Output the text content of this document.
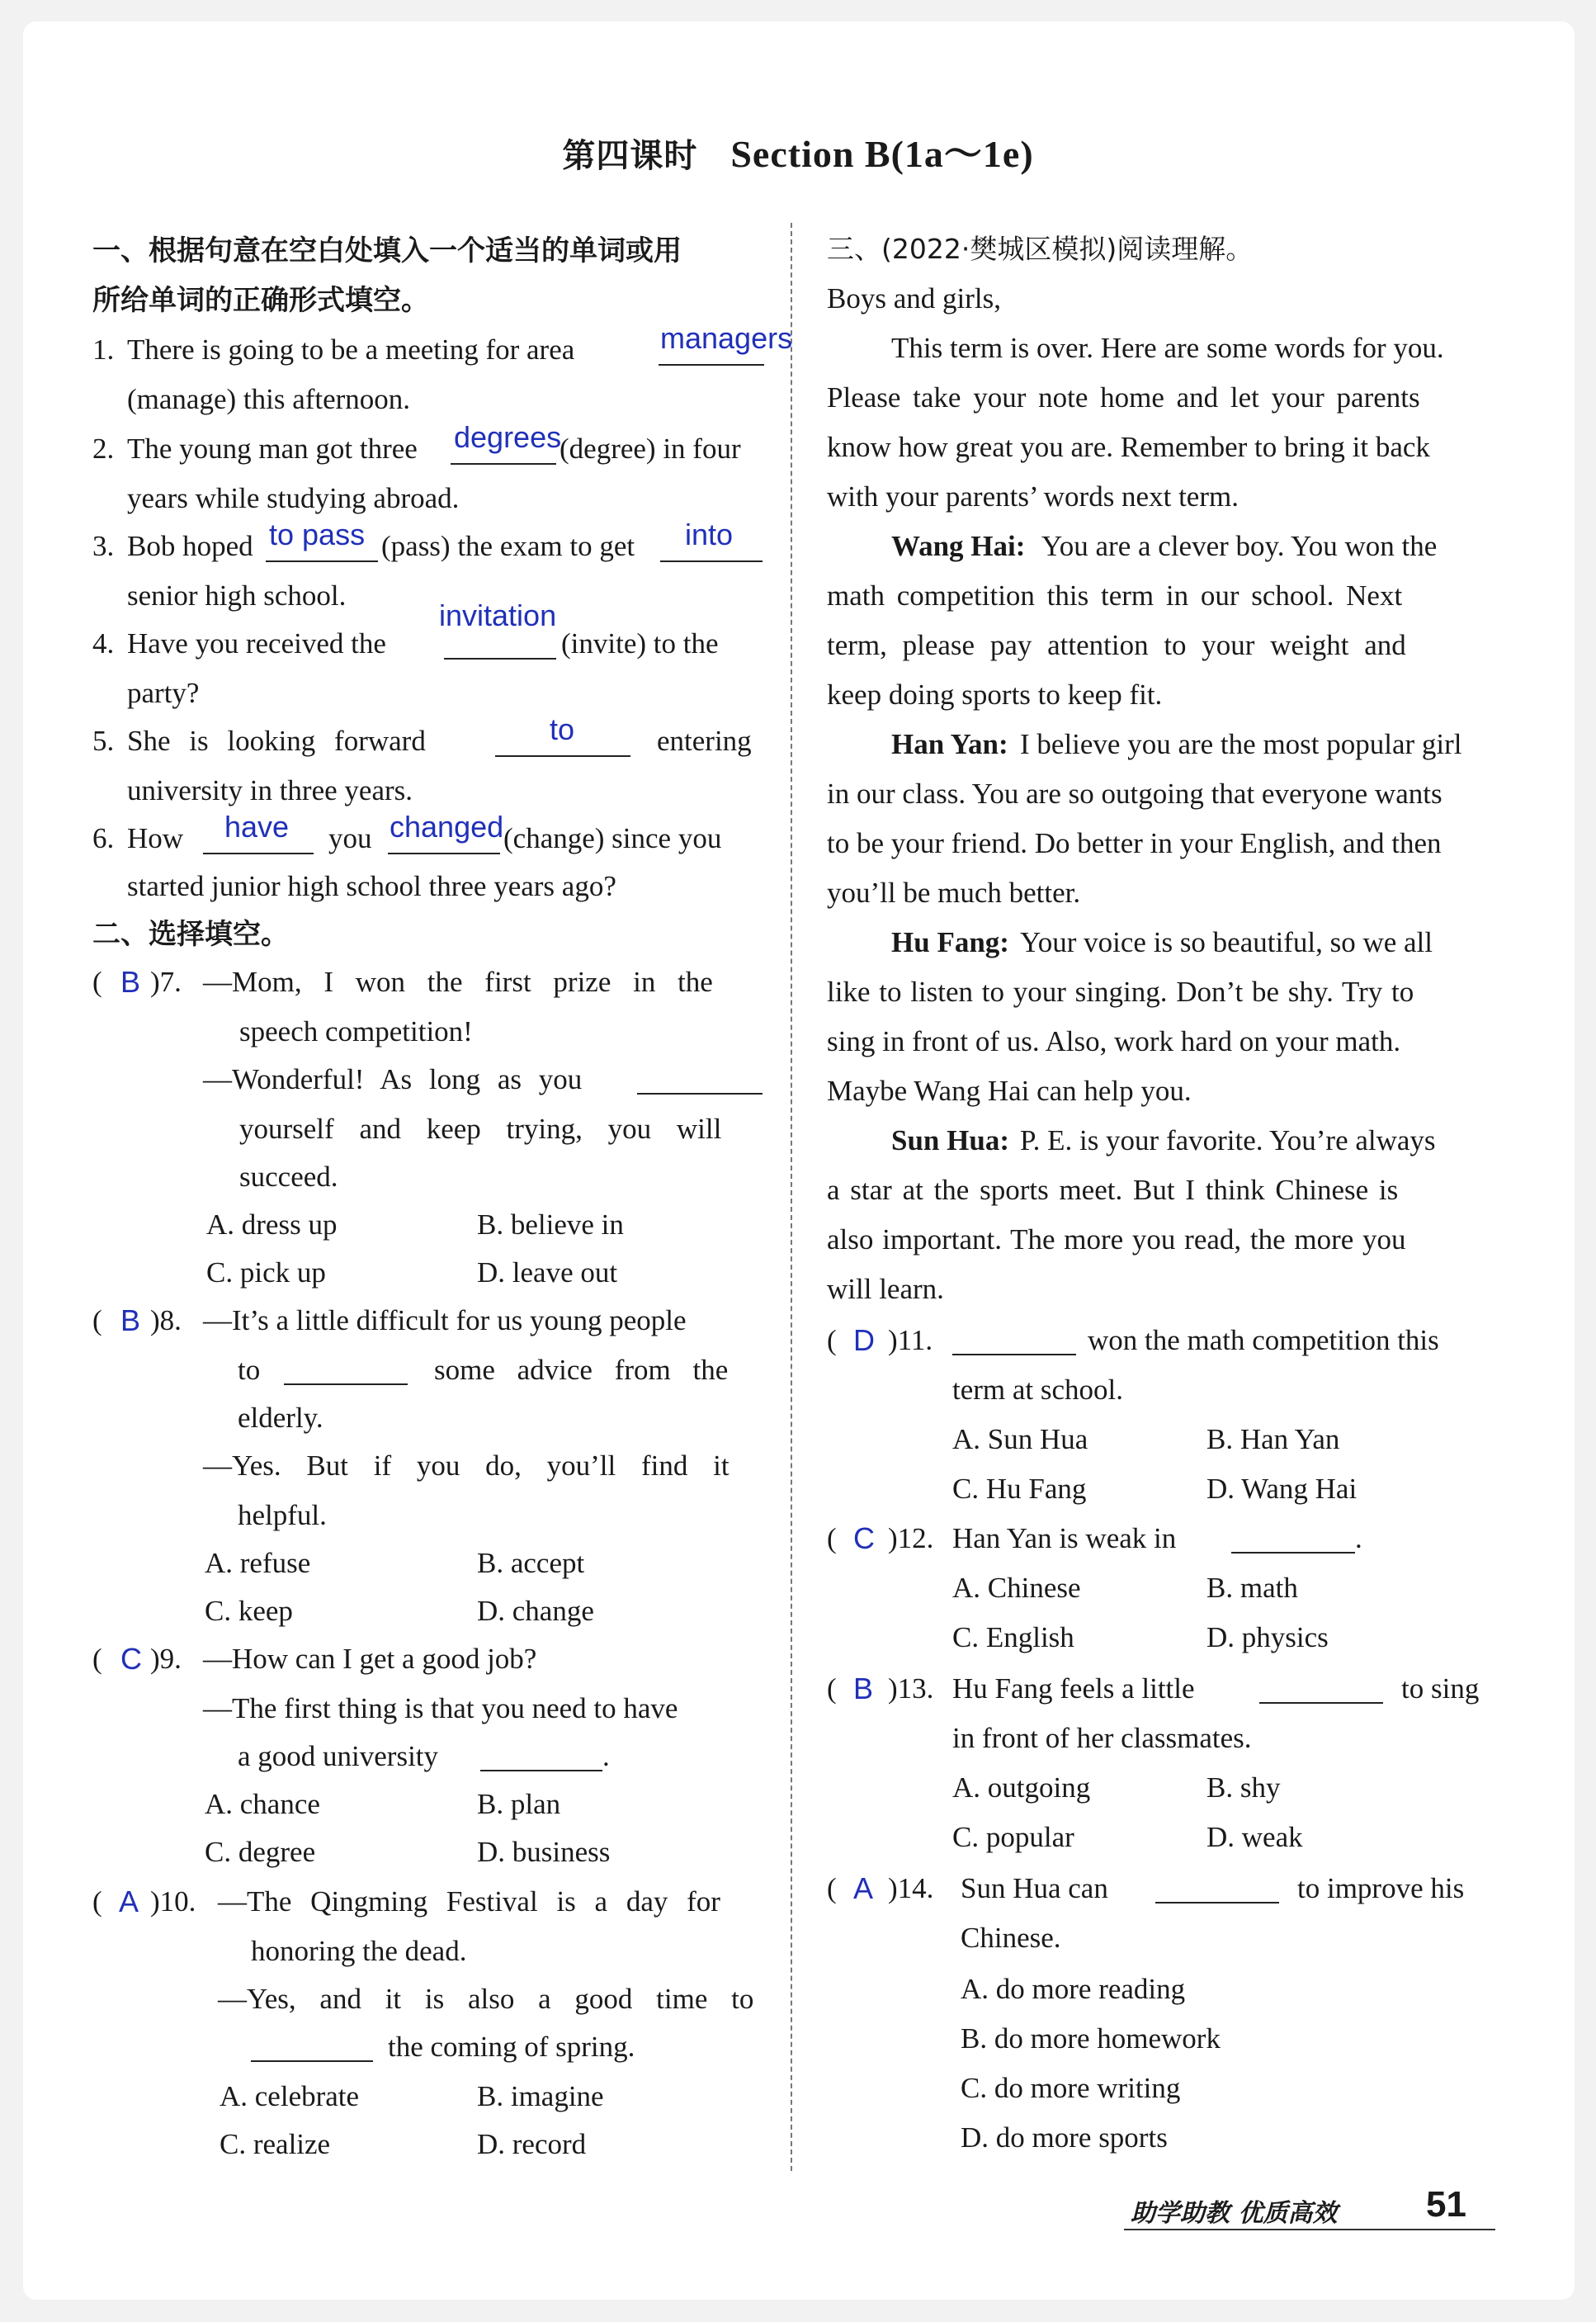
第四课时 Section B(1a～1e)
一、根据句意在空白处填入一个适当的单词或用
所给单词的正确形式填空。
1. There is going to be a meeting for area	managers
(manage) this afternoon.
2. The young man got three degrees
(degree) in four
years while studying abroad.
3. Bob hoped to pass (pass) the exam to get into
senior high school.
4. Have you received the
invitation
(invite) to the
party?
5. She is looking forward	to	entering
university in three years.
6. How have you changed (change) since you
started junior high school three years ago?
二、选择填空。
( B )7. —Mom, I won the first prize in the
speech competition!
—Wonderful! As long as you
yourself and keep trying, you will
succeed.
A. dress up	B. believe in
C. pick up	D. leave out
( B )8. —It’s a little difficult for us young people
to	some advice from the
elderly.
—Yes. But if you do, you’ll find it
helpful.
A. refuse	B. accept
C. keep	D. change
( C )9. —How can I get a good job?
—The first thing is that you need to have
a good university	.
A. chance	B. plan
C. degree	D. business
( A )10. —The Qingming Festival is a day for
honoring the dead.
—Yes, and it is also a good time to
the coming of spring.
A. celebrate	B. imagine
C. realize	D. record
三、(2022·樊城区模拟)阅读理解。
Boys and girls,
This term is over. Here are some words for you.
Please take your note home and let your parents
know how great you are. Remember to bring it back
with your parents’ words next term.
Wang Hai: You are a clever boy. You won the
math competition this term in our school. Next
term, please pay attention to your weight and
keep doing sports to keep fit.
Han Yan: I believe you are the most popular girl
in our class. You are so outgoing that everyone wants
to be your friend. Do better in your English, and then
you’ll be much better.
Hu Fang: Your voice is so beautiful, so we all
like to listen to your singing. Don’t be shy. Try to
sing in front of us. Also, work hard on your math.
Maybe Wang Hai can help you.
Sun Hua: P. E. is your favorite. You’re always
a star at the sports meet. But I think Chinese is
also important. The more you read, the more you
will learn.
( D )11.	won the math competition this
term at school.
A. Sun Hua	B. Han Yan
C. Hu Fang	D. Wang Hai
( C )12. Han Yan is weak in	.
A. Chinese	B. math
C. English	D. physics
( B )13. Hu Fang feels a little	to sing
in front of her classmates.
A. outgoing	B. shy
C. popular	D. weak
( A )14. Sun Hua can	to improve his
Chinese.
A. do more reading
B. do more homework
C. do more writing
D. do more sports
助学助教 优质高效 51
